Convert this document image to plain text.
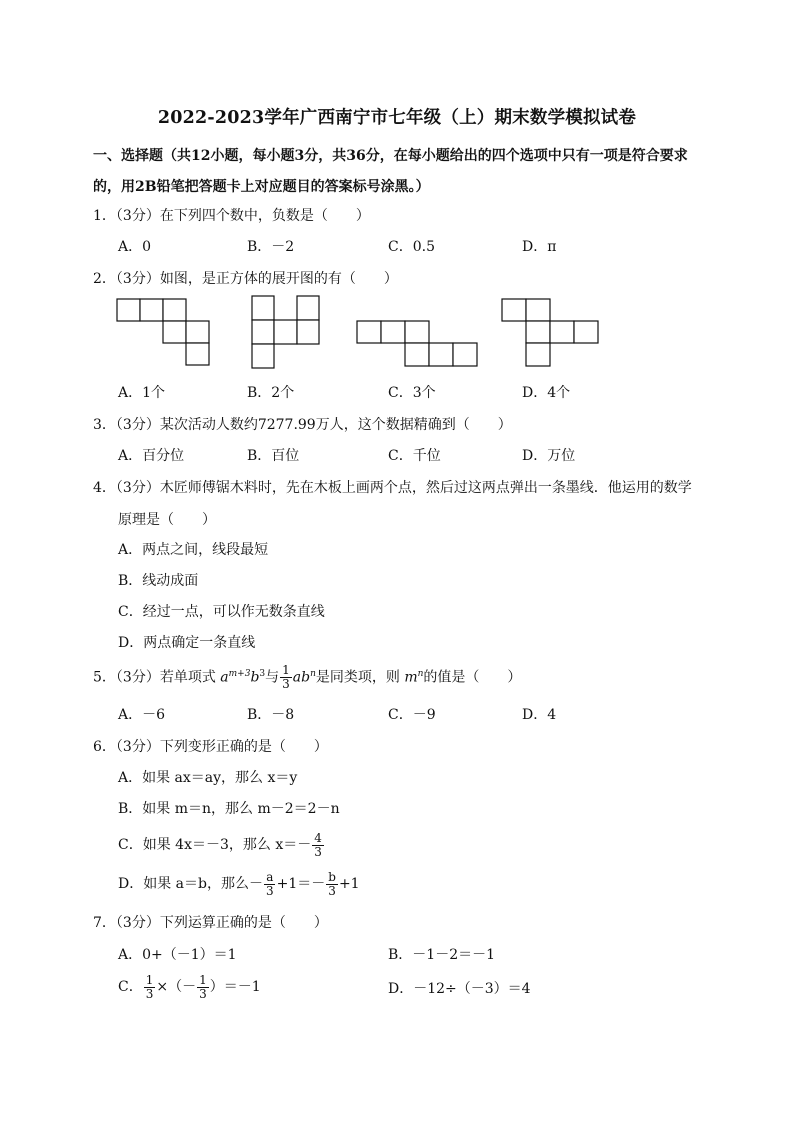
2022-2023学年广西南宁市七年级（上）期末数学模拟试卷
一、选择题（共12小题，每小题3分，共36分，在每小题给出的四个选项中只有一项是符合要求
的，用2B铅笔把答题卡上对应题目的答案标号涂黑。）
1．（3分）在下列四个数中，负数是（　　）
A．0	B．－2	C．0.5	D．π
2．（3分）如图，是正方体的展开图的有（　　）
A．1个	B．2个	C．3个	D．4个
3．（3分）某次活动人数约7277.99万人，这个数据精确到（　　）
A．百分位	B．百位	C．千位	D．万位
4．（3分）木匠师傅锯木料时，先在木板上画两个点，然后过这两点弹出一条墨线．他运用的数学
原理是（　　）
A．两点之间，线段最短
B．线动成面
C．经过一点，可以作无数条直线
D．两点确定一条直线
5．（3分）若单项式 $a^{m+3}b^3$与 $\frac{1}{3} ab^n$是同类项，则 $m^n$的值是（　　）
A．－6	B．－8	C．－9	D．4
6．（3分）下列变形正确的是（　　）
A．如果 ax＝ay，那么 x＝y
B．如果 m＝n，那么 m－2＝2－n
C．如果 4x＝－3，那么 $x=- \frac{4}{3}$
D．如果 a＝b，那么－ $\frac{a}{3} +1=- \frac{b}{3} +1$
7．（3分）下列运算正确的是（　　）
A．0+（－1）＝1	B．－1－2＝－1
C． $\frac{1}{3}$ ×（－ $\frac{1}{3} )=-1$	D．－12÷（－3）＝4
